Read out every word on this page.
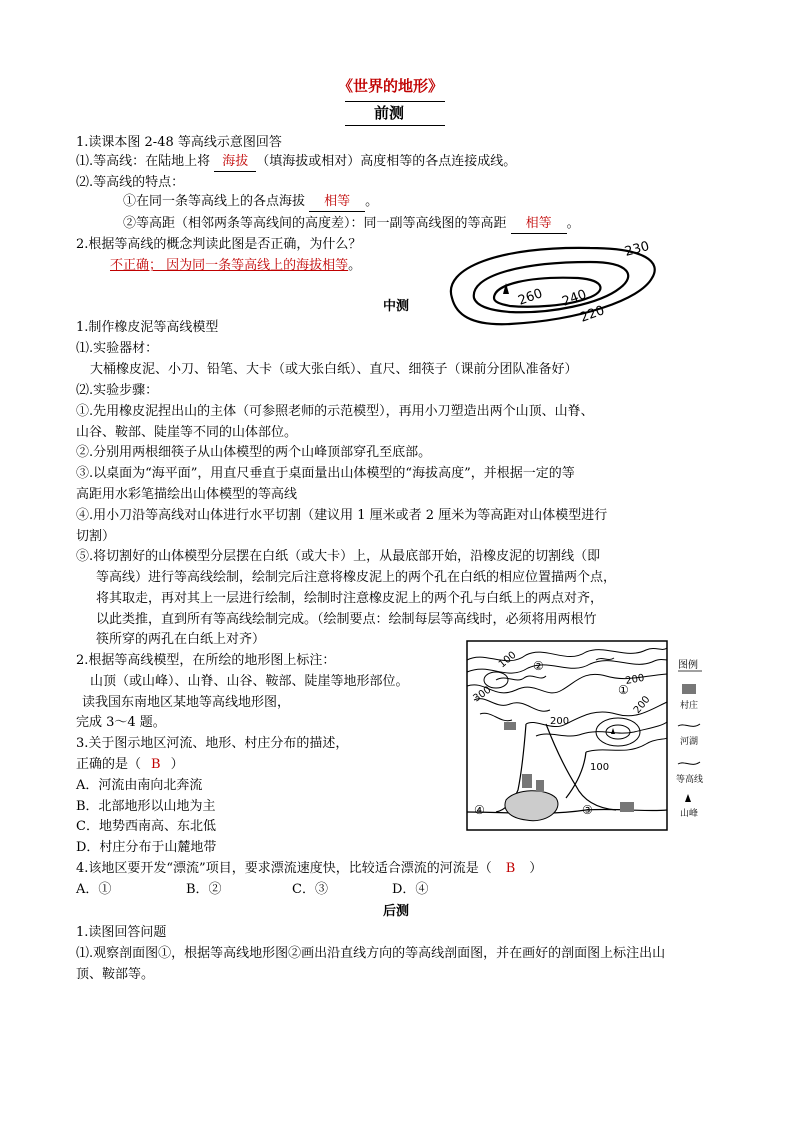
《世界的地形》
前测
1.读课本图 2-48 等高线示意图回答
⑴.等高线：在陆地上将 海拔 （填海拔或相对）高度相等的各点连接成线。
⑵.等高线的特点：
①在同一条等高线上的各点海拔 相等 。
②等高距（相邻两条等高线间的高度差）：同一副等高线图的等高距 相等 。
2.根据等高线的概念判读此图是否正确，为什么？
不正确； 因为同一条等高线上的海拔相等。
230
260 240
220
中测
1.制作橡皮泥等高线模型
⑴.实验器材：
大桶橡皮泥、小刀、铅笔、大卡（或大张白纸）、直尺、细筷子（课前分团队准备好）
⑵.实验步骤：
①.先用橡皮泥捏出山的主体（可参照老师的示范模型），再用小刀塑造出两个山顶、山脊、
山谷、鞍部、陡崖等不同的山体部位。
②.分别用两根细筷子从山体模型的两个山峰顶部穿孔至底部。
③.以桌面为“海平面”，用直尺垂直于桌面量出山体模型的“海拔高度”，并根据一定的等
高距用水彩笔描绘出山体模型的等高线
④.用小刀沿等高线对山体进行水平切割（建议用 1 厘米或者 2 厘米为等高距对山体模型进行
切割）
⑤.将切割好的山体模型分层摆在白纸（或大卡）上，从最底部开始，沿橡皮泥的切割线（即
等高线）进行等高线绘制，绘制完后注意将橡皮泥上的两个孔在白纸的相应位置描两个点，
将其取走，再对其上一层进行绘制，绘制时注意橡皮泥上的两个孔与白纸上的两点对齐，
以此类推，直到所有等高线绘制完成。（绘制要点：绘制每层等高线时，必须将用两根竹
筷所穿的两孔在白纸上对齐）
2.根据等高线模型，在所绘的地形图上标注：
山顶（或山峰）、山脊、山谷、鞍部、陡崖等地形部位。
读我国东南地区某地等高线地形图，
完成 3～4 题。
3.关于图示地区河流、地形、村庄分布的描述，
正确的是（ B ）
A．河流由南向北奔流
B．北部地形以山地为主
C．地势西南高、东北低
D．村庄分布于山麓地带
4.该地区要开发“漂流”项目，要求漂流速度快，比较适合漂流的河流是（ B ）
A．①	B．②	C．③	D．④
100
300
200
200
100
200
②
①
③
④
图例
村庄
河湖
等高线
山峰
后测
1.读图回答问题
⑴.观察剖面图①，根据等高线地形图②画出沿直线方向的等高线剖面图，并在画好的剖面图上标注出山
顶、鞍部等。
